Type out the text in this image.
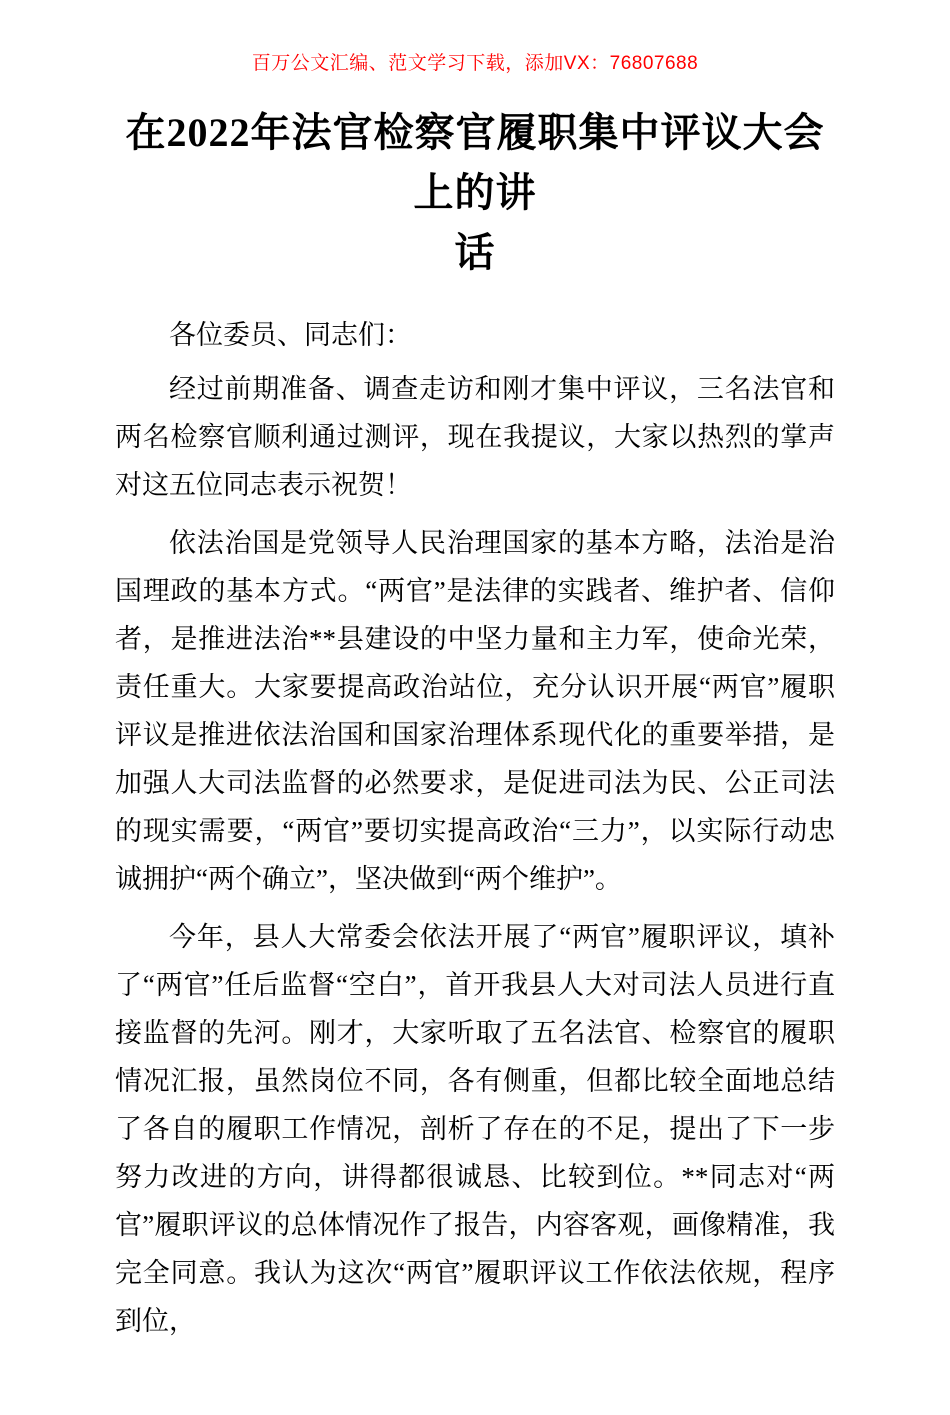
百万公文汇编、范文学习下载，添加VX：76807688
在2022年法官检察官履职集中评议大会上的讲
话

各位委员、同志们：

经过前期准备、调查走访和刚才集中评议，三名法官和两名检察官顺利通过测评，现在我提议，大家以热烈的掌声对这五位同志表示祝贺！

依法治国是党领导人民治理国家的基本方略，法治是治国理政的基本方式。“两官”是法律的实践者、维护者、信仰者，是推进法治**县建设的中坚力量和主力军，使命光荣，责任重大。大家要提高政治站位，充分认识开展“两官”履职评议是推进依法治国和国家治理体系现代化的重要举措，是加强人大司法监督的必然要求，是促进司法为民、公正司法的现实需要，“两官”要切实提高政治“三力”，以实际行动忠诚拥护“两个确立”，坚决做到“两个维护”。

今年，县人大常委会依法开展了“两官”履职评议，填补了“两官”任后监督“空白”，首开我县人大对司法人员进行直接监督的先河。刚才，大家听取了五名法官、检察官的履职情况汇报，虽然岗位不同，各有侧重，但都比较全面地总结了各自的履职工作情况，剖析了存在的不足，提出了下一步努力改进的方向，讲得都很诚恳、比较到位。**同志对“两官”履职评议的总体情况作了报告，内容客观，画像精准，我完全同意。我认为这次“两官”履职评议工作依法依规，程序到位，
